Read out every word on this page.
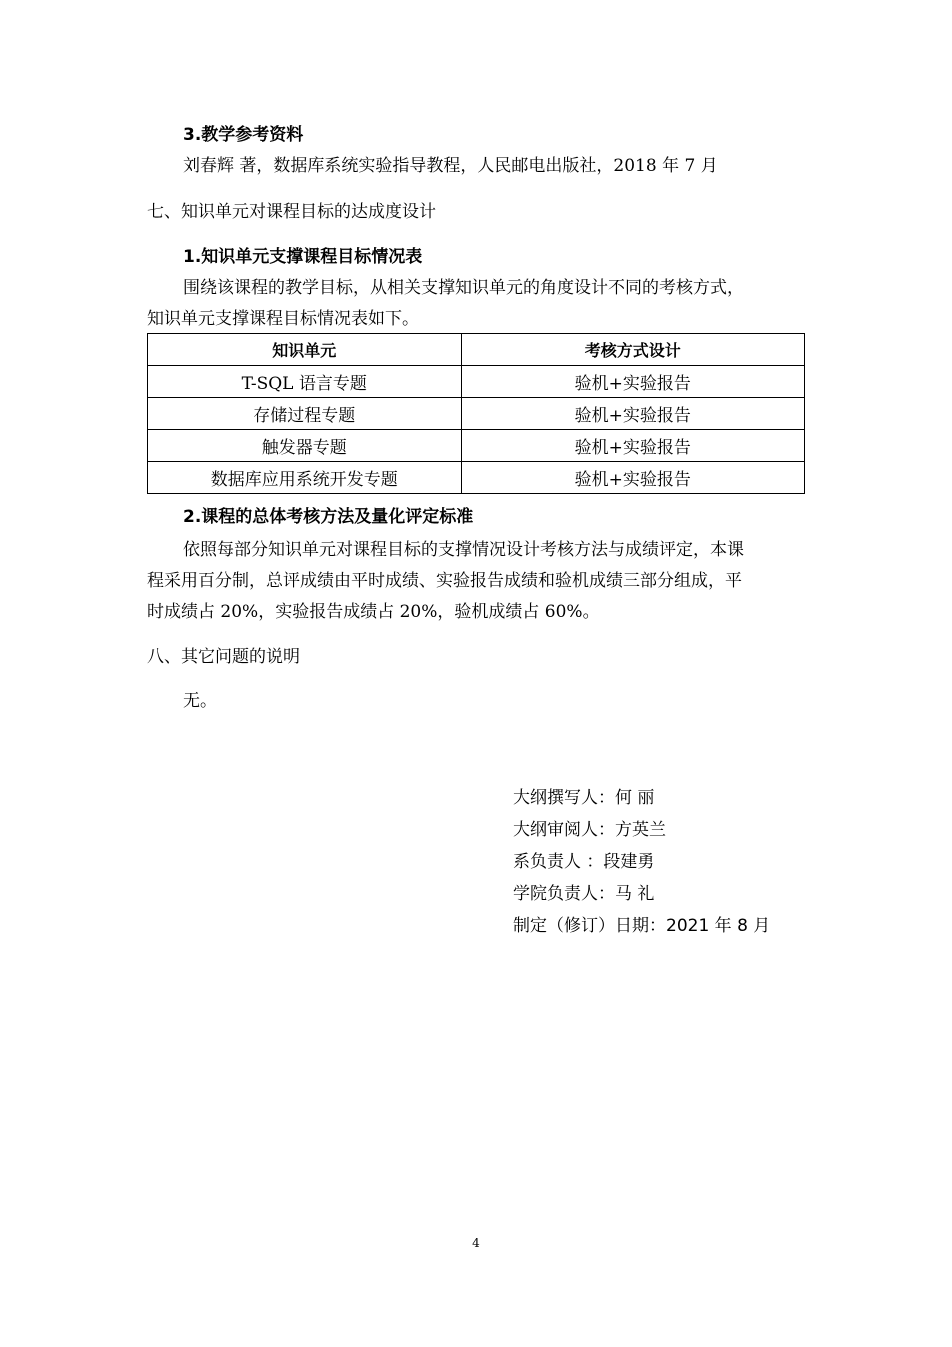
3.教学参考资料
刘春辉 著，数据库系统实验指导教程，人民邮电出版社，2018 年 7 月
七、知识单元对课程目标的达成度设计
1.知识单元支撑课程目标情况表
围绕该课程的教学目标，从相关支撑知识单元的角度设计不同的考核方式，
知识单元支撑课程目标情况表如下。
知识单元	考核方式设计
T-SQL 语言专题	验机+实验报告
存储过程专题	验机+实验报告
触发器专题	验机+实验报告
数据库应用系统开发专题	验机+实验报告
2.课程的总体考核方法及量化评定标准
依照每部分知识单元对课程目标的支撑情况设计考核方法与成绩评定，本课
程采用百分制，总评成绩由平时成绩、实验报告成绩和验机成绩三部分组成，平
时成绩占 20%，实验报告成绩占 20%，验机成绩占 60%。
八、其它问题的说明
无。
大纲撰写人：何 丽
大纲审阅人：方英兰
系负责人 ：段建勇
学院负责人：马 礼
制定（修订）日期：2021 年 8 月
4
